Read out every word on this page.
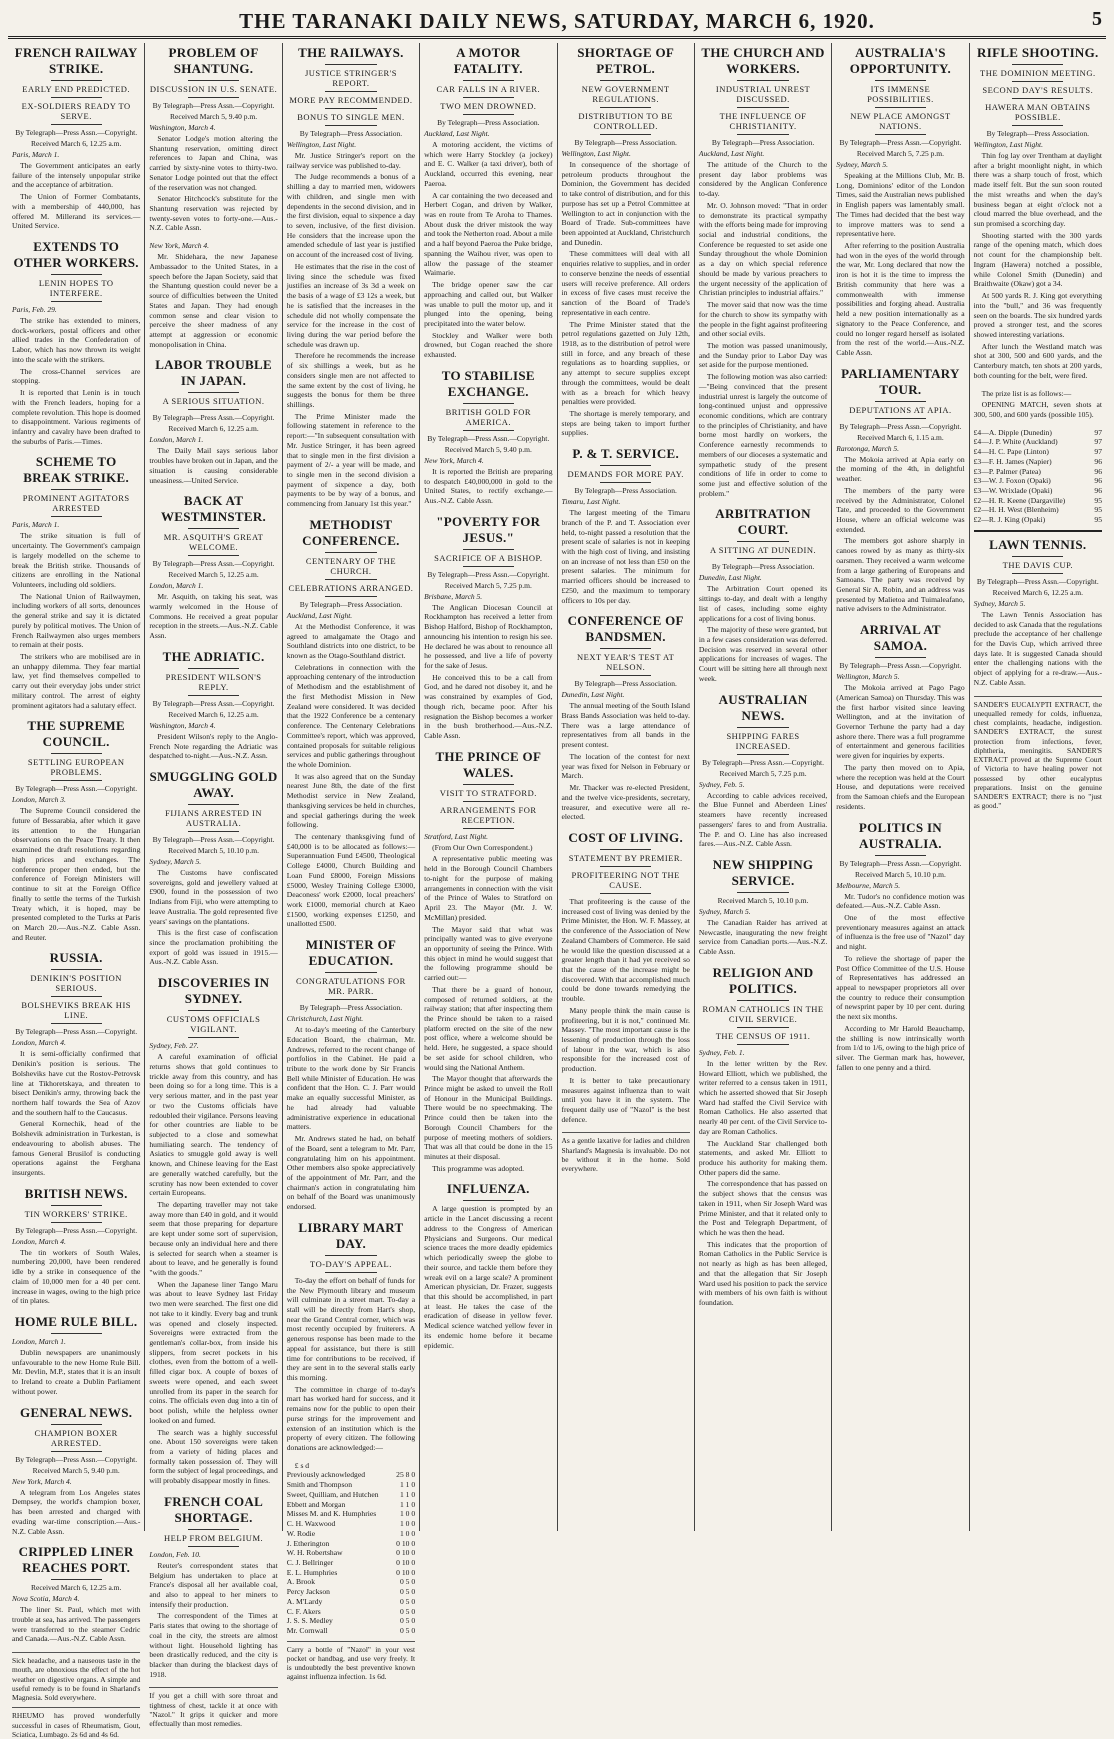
THE TARANAKI DAILY NEWS, SATURDAY, MARCH 6, 1920.	5
FRENCH RAILWAY STRIKE.
EARLY END PREDICTED.
EX-SOLDIERS READY TO SERVE.
By Telegraph—Press Assn.—Copyright.
Received March 6, 12.25 a.m.
Paris, March 1.

The Government anticipates an early failure of the intensely unpopular strike and the acceptance of arbitration.

The Union of Former Combatants, with a membership of 440,000, has offered M. Millerand its services.—United Service.

EXTENDS TO OTHER WORKERS.
LENIN HOPES TO INTERFERE.
Paris, Feb. 29.

The strike has extended to miners, dock-workers, postal officers and other allied trades in the Confederation of Labor, which has now thrown its weight into the scale with the strikers.

The cross-Channel services are stopping.

It is reported that Lenin is in touch with the French leaders, hoping for a complete revolution. This hope is doomed to disappointment. Various regiments of infantry and cavalry have been drafted to the suburbs of Paris.—Times.

SCHEME TO BREAK STRIKE.
PROMINENT AGITATORS ARRESTED
Paris, March 1.

The strike situation is full of uncertainty. The Government's campaign is largely modelled on the scheme to break the British strike. Thousands of citizens are enrolling in the National Volunteers, including old soldiers.

The National Union of Railwaymen, including workers of all sorts, denounces the general strike and say it is dictated purely by political motives. The Union of French Railwaymen also urges members to remain at their posts.

The strikers who are mobilised are in an unhappy dilemma. They fear martial law, yet find themselves compelled to carry out their everyday jobs under strict military control. The arrest of eighty prominent agitators had a salutary effect.

THE SUPREME COUNCIL.
SETTLING EUROPEAN PROBLEMS.
By Telegraph—Press Assn.—Copyright.
London, March 3.

The Supreme Council considered the future of Bessarabia, after which it gave its attention to the Hungarian observations on the Peace Treaty. It then examined the draft resolutions regarding high prices and exchanges. The conference proper then ended, but the conference of Foreign Ministers will continue to sit at the Foreign Office finally to settle the terms of the Turkish Treaty which, it is hoped, may be presented completed to the Turks at Paris on March 20.—Aus.-N.Z. Cable Assn. and Reuter.

RUSSIA.
DENIKIN'S POSITION SERIOUS.
BOLSHEVIKS BREAK HIS LINE.
By Telegraph—Press Assn.—Copyright.
London, March 4.

It is semi-officially confirmed that Denikin's position is serious. The Bolsheviks have cut the Rostov-Petrovsk line at Tikhoretskaya, and threaten to bisect Denikin's army, throwing back the northern half towards the Sea of Azov and the southern half to the Caucasus.

General Kornechik, head of the Bolshevik administration in Turkestan, is endeavouring to abolish abuses. The famous General Brusilof is conducting operations against the Ferghana insurgents.

BRITISH NEWS.
TIN WORKERS' STRIKE.
By Telegraph—Press Assn.—Copyright.
London, March 4.

The tin workers of South Wales, numbering 20,000, have been rendered idle by a strike in consequence of the claim of 10,000 men for a 40 per cent. increase in wages, owing to the high price of tin plates.

HOME RULE BILL.
London, March 1.

Dublin newspapers are unanimously unfavourable to the new Home Rule Bill. Mr. Devlin, M.P., states that it is an insult to Ireland to create a Dublin Parliament without power.

GENERAL NEWS.
CHAMPION BOXER ARRESTED.
By Telegraph—Press Assn.—Copyright.
Received March 5, 9.40 p.m.
New York, March 4.

A telegram from Los Angeles states Dempsey, the world's champion boxer, has been arrested and charged with evading war-time conscription.—Aus.-N.Z. Cable Assn.

CRIPPLED LINER REACHES PORT.
Received March 6, 12.25 a.m.
Nova Scotia, March 4.

The liner St. Paul, which met with trouble at sea, has arrived. The passengers were transferred to the steamer Cedric and Canada.—Aus.-N.Z. Cable Assn.

Sick headache, and a nauseous taste in the mouth, are obnoxious the effect of the hot weather on digestive organs. A simple and useful remedy is to be found in Sharland's Magnesia. Sold everywhere.
RHEUMO has proved wonderfully successful in cases of Rheumatism, Gout, Sciatica, Lumbago. 2s 6d and 4s 6d.
PROBLEM OF SHANTUNG.
DISCUSSION IN U.S. SENATE.
By Telegraph—Press Assn.—Copyright.
Received March 5, 9.40 p.m.
Washington, March 4.

Senator Lodge's motion altering the Shantung reservation, omitting direct references to Japan and China, was carried by sixty-nine votes to thirty-two. Senator Lodge pointed out that the effect of the reservation was not changed.

Senator Hitchcock's substitute for the Shantung reservation was rejected by twenty-seven votes to forty-one.—Aus.-N.Z. Cable Assn.

New York, March 4.

Mr. Shidehara, the new Japanese Ambassador to the United States, in a speech before the Japan Society, said that the Shantung question could never be a source of difficulties between the United States and Japan. They had enough common sense and clear vision to perceive the sheer madness of any attempt at aggression or economic monopolisation in China.

LABOR TROUBLE IN JAPAN.
A SERIOUS SITUATION.
By Telegraph—Press Assn.—Copyright.
Received March 6, 12.25 a.m.
London, March 1.

The Daily Mail says serious labor troubles have broken out in Japan, and the situation is causing considerable uneasiness.—United Service.

BACK AT WESTMINSTER.
MR. ASQUITH'S GREAT WELCOME.
By Telegraph—Press Assn.—Copyright.
Received March 5, 12.25 a.m.
London, March 1.

Mr. Asquith, on taking his seat, was warmly welcomed in the House of Commons. He received a great popular reception in the streets.—Aus.-N.Z. Cable Assn.

THE ADRIATIC.
PRESIDENT WILSON'S REPLY.
By Telegraph—Press Assn.—Copyright.
Received March 6, 12.25 a.m.
Washington, March 4.

President Wilson's reply to the Anglo-French Note regarding the Adriatic was despatched to-night.—Aus.-N.Z. Assn.

SMUGGLING GOLD AWAY.
FIJIANS ARRESTED IN AUSTRALIA.
By Telegraph—Press Assn.—Copyright.
Received March 5, 10.10 p.m.
Sydney, March 5.

The Customs have confiscated sovereigns, gold and jewellery valued at £900, found in the possession of two Indians from Fiji, who were attempting to leave Australia. The gold represented five years' savings on the plantations.

This is the first case of confiscation since the proclamation prohibiting the export of gold was issued in 1915.—Aus.-N.Z. Cable Assn.

DISCOVERIES IN SYDNEY.
CUSTOMS OFFICIALS VIGILANT.
Sydney, Feb. 27.

A careful examination of official returns shows that gold continues to trickle away from this country, and has been doing so for a long time. This is a very serious matter, and in the past year or two the Customs officials have redoubled their vigilance. Persons leaving for other countries are liable to be subjected to a close and somewhat humiliating search. The tendency of Asiatics to smuggle gold away is well known, and Chinese leaving for the East are generally watched carefully, but the scrutiny has now been extended to cover certain Europeans.

The departing traveller may not take away more than £40 in gold, and it would seem that those preparing for departure are kept under some sort of supervision, because only an individual here and there is selected for search when a steamer is about to leave, and he generally is found "with the goods."

When the Japanese liner Tango Maru was about to leave Sydney last Friday two men were searched. The first one did not take to it kindly. Every bag and trunk was opened and closely inspected. Sovereigns were extracted from the gentleman's collar-box, from inside his slippers, from secret pockets in his clothes, even from the bottom of a well-filled cigar box. A couple of boxes of sweets were opened, and each sweet unrolled from its paper in the search for coins. The officials even dug into a tin of boot polish, while the helpless owner looked on and fumed.

The search was a highly successful one. About 150 sovereigns were taken from a variety of hiding places and formally taken possession of. They will form the subject of legal proceedings, and will probably disappear mostly in fines.

FRENCH COAL SHORTAGE.
HELP FROM BELGIUM.
London, Feb. 10.

Reuter's correspondent states that Belgium has undertaken to place at France's disposal all her available coal, and also to appeal to her miners to intensify their production.

The correspondent of the Times at Paris states that owing to the shortage of coal in the city, the streets are almost without light. Household lighting has been drastically reduced, and the city is blacker than during the blackest days of 1918.

If you get a chill with sore throat and tightness of chest, tackle it at once with "Nazol." It grips it quicker and more effectually than most remedies.
THE RAILWAYS.
JUSTICE STRINGER'S REPORT.
MORE PAY RECOMMENDED.
BONUS TO SINGLE MEN.
By Telegraph—Press Association.
Wellington, Last Night.

Mr. Justice Stringer's report on the railway service was published to-day.

The Judge recommends a bonus of a shilling a day to married men, widowers with children, and single men with dependents in the second division, and in the first division, equal to sixpence a day to seven, inclusive, of the first division. He considers that the increase upon the amended schedule of last year is justified on account of the increased cost of living.

He estimates that the rise in the cost of living since the schedule was fixed justifies an increase of 3s 3d a week on the basis of a wage of £3 12s a week, but he is satisfied that the increases in the schedule did not wholly compensate the service for the increase in the cost of living during the war period before the schedule was drawn up.

Therefore he recommends the increase of six shillings a week, but as he considers single men are not affected to the same extent by the cost of living, he suggests the bonus for them be three shillings.

The Prime Minister made the following statement in reference to the report:—"In subsequent consultation with Mr. Justice Stringer, it has been agreed that to single men in the first division a payment of 2/- a year will be made, and to single men in the second division a payment of sixpence a day, both payments to be by way of a bonus, and commencing from January 1st this year."

METHODIST CONFERENCE.
CENTENARY OF THE CHURCH.
CELEBRATIONS ARRANGED.
By Telegraph—Press Association.
Auckland, Last Night.

At the Methodist Conference, it was agreed to amalgamate the Otago and Southland districts into one district, to be known as the Otago-Southland district.

Celebrations in connection with the approaching centenary of the introduction of Methodism and the establishment of the first Methodist Mission in New Zealand were considered. It was decided that the 1922 Conference be a centenary conference. The Centenary Celebrations Committee's report, which was approved, contained proposals for suitable religious services and public gatherings throughout the whole Dominion.

It was also agreed that on the Sunday nearest June 8th, the date of the first Methodist service in New Zealand, thanksgiving services be held in churches, and special gatherings during the week following.

The centenary thanksgiving fund of £40,000 is to be allocated as follows:—Superannuation Fund £4500, Theological College £4000, Church Building and Loan Fund £8000, Foreign Missions £5000, Wesley Training College £3000, Deaconess' work £2000, local preachers' work £1000, memorial church at Kaeo £1500, working expenses £1250, and unallotted £500.

MINISTER OF EDUCATION.
CONGRATULATIONS FOR MR. PARR.
By Telegraph—Press Association.
Christchurch, Last Night.

At to-day's meeting of the Canterbury Education Board, the chairman, Mr. Andrews, referred to the recent change of portfolios in the Cabinet. He paid a tribute to the work done by Sir Francis Bell while Minister of Education. He was confident that the Hon. C. J. Parr would make an equally successful Minister, as he had already had valuable administrative experience in educational matters.

Mr. Andrews stated he had, on behalf of the Board, sent a telegram to Mr. Parr, congratulating him on his appointment. Other members also spoke appreciatively of the appointment of Mr. Parr, and the chairman's action in congratulating him on behalf of the Board was unanimously endorsed.

LIBRARY MART DAY.
TO-DAY'S APPEAL.

To-day the effort on behalf of funds for the New Plymouth library and museum will culminate in a street mart. To-day a stall will be directly from Hart's shop, near the Grand Central corner, which was most recently occupied by fruiterers. A generous response has been made to the appeal for assistance, but there is still time for contributions to be received, if they are sent in to the several stalls early this morning.

The committee in charge of to-day's mart has worked hard for success, and it remains now for the public to open their purse strings for the improvement and extension of an institution which is the property of every citizen. The following donations are acknowledged:—

£ s d

Previously acknowledged	25 8 0

Smith and Thompson	1 1 0

Sweet, Quilliam, and Hutchen	1 1 0

Ebbett and Morgan	1 1 0

Misses M. and K. Humphries	1 0 0

C. H. Waxwood	1 0 0

W. Rodie	1 0 0

J. Etherington	0 10 0

W. H. Robertshaw	0 10 0

C. J. Bellringer	0 10 0

E. L. Humphries	0 10 0

A. Brook	0 5 0

Percy Jackson	0 5 0

A. M'Lardy	0 5 0

C. F. Akers	0 5 0

J. S. S. Medley	0 5 0

Mr. Cornwall	0 5 0

Carry a bottle of "Nazol" in your vest pocket or handbag, and use very freely. It is undoubtedly the best preventive known against influenza infection. 1s 6d.
A MOTOR FATALITY.
CAR FALLS IN A RIVER.
TWO MEN DROWNED.
By Telegraph—Press Association.
Auckland, Last Night.

A motoring accident, the victims of which were Harry Stockley (a jockey) and E. C. Walker (a taxi driver), both of Auckland, occurred this evening, near Paeroa.

A car containing the two deceased and Herbert Cogan, and driven by Walker, was en route from Te Aroha to Thames. About dusk the driver mistook the way and took the Netherton road. About a mile and a half beyond Paeroa the Puke bridge, spanning the Waihou river, was open to allow the passage of the steamer Waimarie.

The bridge opener saw the car approaching and called out, but Walker was unable to pull the motor up, and it plunged into the opening, being precipitated into the water below.

Stockley and Walker were both drowned, but Cogan reached the shore exhausted.

TO STABILISE EXCHANGE.
BRITISH GOLD FOR AMERICA.
By Telegraph—Press Assn.—Copyright.
Received March 5, 9.40 p.m.
New York, March 4.

It is reported the British are preparing to despatch £40,000,000 in gold to the United States, to rectify exchange.—Aus.-N.Z. Cable Assn.

"POVERTY FOR JESUS."
SACRIFICE OF A BISHOP.
By Telegraph—Press Assn.—Copyright.
Received March 5, 7.25 p.m.
Brisbane, March 5.

The Anglican Diocesan Council at Rockhampton has received a letter from Bishop Halford, Bishop of Rockhampton, announcing his intention to resign his see. He declared he was about to renounce all he possessed, and live a life of poverty for the sake of Jesus.

He conceived this to be a call from God, and he dared not disobey it, and he was constrained by examples of God, though rich, became poor. After his resignation the Bishop becomes a worker in the bush brotherhood.—Aus.-N.Z. Cable Assn.

THE PRINCE OF WALES.
VISIT TO STRATFORD.
ARRANGEMENTS FOR RECEPTION.
Stratford, Last Night.

(From Our Own Correspondent.)

A representative public meeting was held in the Borough Council Chambers to-night for the purpose of making arrangements in connection with the visit of the Prince of Wales to Stratford on April 23. The Mayor (Mr. J. W. McMillan) presided.

The Mayor said that what was principally wanted was to give everyone an opportunity of seeing the Prince. With this object in mind he would suggest that the following programme should be carried out:—

That there be a guard of honour, composed of returned soldiers, at the railway station; that after inspecting them the Prince should be taken to a raised platform erected on the site of the new post office, where a welcome should be held. Here, he suggested, a space should be set aside for school children, who would sing the National Anthem.

The Mayor thought that afterwards the Prince might be asked to unveil the Roll of Honour in the Municipal Buildings. There would be no speechmaking. The Prince could then be taken into the Borough Council Chambers for the purpose of meeting mothers of soldiers. That was all that could be done in the 15 minutes at their disposal.

This programme was adopted.

INFLUENZA.

A large question is prompted by an article in the Lancet discussing a recent address to the Congress of American Physicians and Surgeons. Our medical science traces the more deadly epidemics which periodically sweep the globe to their source, and tackle them before they wreak evil on a large scale? A prominent American physician, Dr. Frazer, suggests that this should be accomplished, in part at least. He takes the case of the eradication of disease in yellow fever. Medical science watched yellow fever in its endemic home before it became epidemic.

SHORTAGE OF PETROL.
NEW GOVERNMENT REGULATIONS.
DISTRIBUTION TO BE CONTROLLED.
By Telegraph—Press Association.
Wellington, Last Night.

In consequence of the shortage of petroleum products throughout the Dominion, the Government has decided to take control of distribution, and for this purpose has set up a Petrol Committee at Wellington to act in conjunction with the Board of Trade. Sub-committees have been appointed at Auckland, Christchurch and Dunedin.

These committees will deal with all enquiries relative to supplies, and in order to conserve benzine the needs of essential users will receive preference. All orders in excess of five cases must receive the sanction of the Board of Trade's representative in each centre.

The Prime Minister stated that the petrol regulations gazetted on July 12th, 1918, as to the distribution of petrol were still in force, and any breach of these regulations as to hoarding supplies, or any attempt to secure supplies except through the committees, would be dealt with as a breach for which heavy penalties were provided.

The shortage is merely temporary, and steps are being taken to import further supplies.

P. & T. SERVICE.
DEMANDS FOR MORE PAY.
By Telegraph—Press Association.
Timaru, Last Night.

The largest meeting of the Timaru branch of the P. and T. Association ever held, to-night passed a resolution that the present scale of salaries is not in keeping with the high cost of living, and insisting on an increase of not less than £50 on the present salaries. The minimum for married officers should be increased to £250, and the maximum to temporary officers to 10s per day.

CONFERENCE OF BANDSMEN.
NEXT YEAR'S TEST AT NELSON.
By Telegraph—Press Association.
Dunedin, Last Night.

The annual meeting of the South Island Brass Bands Association was held to-day. There was a large attendance of representatives from all bands in the present contest.

The location of the contest for next year was fixed for Nelson in February or March.

Mr. Thacker was re-elected President, and the twelve vice-presidents, secretary, treasurer, and executive were all re-elected.

COST OF LIVING.
STATEMENT BY PREMIER.
PROFITEERING NOT THE CAUSE.

That profiteering is the cause of the increased cost of living was denied by the Prime Minister, the Hon. W. F. Massey, at the conference of the Association of New Zealand Chambers of Commerce. He said he would like the question discussed at a greater length than it had yet received so that the cause of the increase might be discovered. With that accomplished much could be done towards remedying the trouble.

Many people think the main cause is profiteering, but it is not," continued Mr. Massey. "The most important cause is the lessening of production through the loss of labour in the war, which is also responsible for the increased cost of production.

It is better to take precautionary measures against influenza than to wait until you have it in the system. The frequent daily use of "Nazol" is the best defence.

As a gentle laxative for ladies and children Sharland's Magnesia is invaluable. Do not be without it in the home. Sold everywhere.
THE CHURCH AND WORKERS.
INDUSTRIAL UNREST DISCUSSED.
THE INFLUENCE OF CHRISTIANITY.
By Telegraph—Press Association.
Auckland, Last Night.

The attitude of the Church to the present day labor problems was considered by the Anglican Conference to-day.

Mr. O. Johnson moved: "That in order to demonstrate its practical sympathy with the efforts being made for improving social and industrial conditions, the Conference be requested to set aside one Sunday throughout the whole Dominion as a day on which special reference should be made by various preachers to the urgent necessity of the application of Christian principles to industrial affairs."

The mover said that now was the time for the church to show its sympathy with the people in the fight against profiteering and other social evils.

The motion was passed unanimously, and the Sunday prior to Labor Day was set aside for the purpose mentioned.

The following motion was also carried:—"Being convinced that the present industrial unrest is largely the outcome of long-continued unjust and oppressive economic conditions, which are contrary to the principles of Christianity, and have borne most hardly on workers, the Conference earnestly recommends to members of our dioceses a systematic and sympathetic study of the present conditions of life in order to come to some just and effective solution of the problem."

ARBITRATION COURT.
A SITTING AT DUNEDIN.
By Telegraph—Press Association.
Dunedin, Last Night.

The Arbitration Court opened its sittings to-day, and dealt with a lengthy list of cases, including some eighty applications for a cost of living bonus.

The majority of these were granted, but in a few cases consideration was deferred. Decision was reserved in several other applications for increases of wages. The Court will be sitting here all through next week.

AUSTRALIAN NEWS.
SHIPPING FARES INCREASED.
By Telegraph—Press Assn.—Copyright.
Received March 5, 7.25 p.m.
Sydney, Feb. 5.

According to cable advices received, the Blue Funnel and Aberdeen Lines' steamers have recently increased passengers' fares to and from Australia. The P. and O. Line has also increased fares.—Aus.-N.Z. Cable Assn.

NEW SHIPPING SERVICE.
Received March 5, 10.10 p.m.
Sydney, March 5.

The Canadian Raider has arrived at Newcastle, inaugurating the new freight service from Canadian ports.—Aus.-N.Z. Cable Assn.

RELIGION AND POLITICS.
ROMAN CATHOLICS IN THE CIVIL SERVICE.
THE CENSUS OF 1911.
Sydney, Feb. 1.

In the letter written by the Rev. Howard Elliott, which we published, the writer referred to a census taken in 1911, which he asserted showed that Sir Joseph Ward had staffed the Civil Service with Roman Catholics. He also asserted that nearly 40 per cent. of the Civil Service to-day are Roman Catholics.

The Auckland Star challenged both statements, and asked Mr. Elliott to produce his authority for making them. Other papers did the same.

The correspondence that has passed on the subject shows that the census was taken in 1911, when Sir Joseph Ward was Prime Minister, and that it related only to the Post and Telegraph Department, of which he was then the head.

This indicates that the proportion of Roman Catholics in the Public Service is not nearly as high as has been alleged, and that the allegation that Sir Joseph Ward used his position to pack the service with members of his own faith is without foundation.

AUSTRALIA'S OPPORTUNITY.
ITS IMMENSE POSSIBILITIES.
NEW PLACE AMONGST NATIONS.
By Telegraph—Press Assn.—Copyright.
Received March 5, 7.25 p.m.
Sydney, March 5.

Speaking at the Millions Club, Mr. B. Long, Dominions' editor of the London Times, said the Australian news published in English papers was lamentably small. The Times had decided that the best way to improve matters was to send a representative here.

After referring to the position Australia had won in the eyes of the world through the war, Mr. Long declared that now the iron is hot it is the time to impress the British community that here was a commonwealth with immense possibilities and forging ahead. Australia held a new position internationally as a signatory to the Peace Conference, and could no longer regard herself as isolated from the rest of the world.—Aus.-N.Z. Cable Assn.

PARLIAMENTARY TOUR.
DEPUTATIONS AT APIA.
By Telegraph—Press Assn.—Copyright.
Received March 6, 1.15 a.m.
Rarotonga, March 5.

The Mokoia arrived at Apia early on the morning of the 4th, in delightful weather.

The members of the party were received by the Administrator, Colonel Tate, and proceeded to the Government House, where an official welcome was extended.

The members got ashore sharply in canoes rowed by as many as thirty-six oarsmen. They received a warm welcome from a large gathering of Europeans and Samoans. The party was received by General Sir A. Robin, and an address was presented by Malietoa and Tuimaleafano, native advisers to the Administrator.

ARRIVAL AT SAMOA.
By Telegraph—Press Assn.—Copyright.
Wellington, March 5.

The Mokoia arrived at Pago Pago (American Samoa) on Thursday. This was the first harbor visited since leaving Wellington, and at the invitation of Governor Terhune the party had a day ashore there. There was a full programme of entertainment and generous facilities were given for inquiries by experts.

The party then moved on to Apia, where the reception was held at the Court House, and deputations were received from the Samoan chiefs and the European residents.

POLITICS IN AUSTRALIA.
By Telegraph—Press Assn.—Copyright.
Received March 5, 10.10 p.m.
Melbourne, March 5.

Mr. Tudor's no confidence motion was defeated.—Aus.-N.Z. Cable Assn.

One of the most effective preventionary measures against an attack of influenza is the free use of "Nazol" day and night.

To relieve the shortage of paper the Post Office Committee of the U.S. House of Representatives has addressed an appeal to newspaper proprietors all over the country to reduce their consumption of newsprint paper by 10 per cent. during the next six months.

According to Mr Harold Beauchamp, the shilling is now intrinsically worth from 1/d to 1/6, owing to the high price of silver. The German mark has, however, fallen to one penny and a third.

RIFLE SHOOTING.
THE DOMINION MEETING.
SECOND DAY'S RESULTS.
HAWERA MAN OBTAINS POSSIBLE.
By Telegraph—Press Association.
Wellington, Last Night.

Thin fog lay over Trentham at daylight after a bright moonlight night, in which there was a sharp touch of frost, which made itself felt. But the sun soon routed the mist wreaths and when the day's business began at eight o'clock not a cloud marred the blue overhead, and the sun promised a scorching day.

Shooting started with the 300 yards range of the opening match, which does not count for the championship belt. Ingram (Hawera) notched a possible, while Colonel Smith (Dunedin) and Braithwaite (Okaw) got a 34.

At 500 yards R. J. King got everything into the "bull," and 36 was frequently seen on the boards. The six hundred yards proved a stronger test, and the scores showed interesting variations.

After lunch the Westland match was shot at 300, 500 and 600 yards, and the Canterbury match, ten shots at 200 yards, both counting for the belt, were fired.

The prize list is as follows:—

OPENING MATCH, seven shots at 300, 500, and 600 yards (possible 105).

£4—A. Dipple (Dunedin)	97

£4—J. P. White (Auckland)	97

£4—H. C. Pape (Linton)	97

£3—F. H. James (Napier)	96

£3—P. Palmer (Patea)	96

£3—W. J. Foxon (Opaki)	96

£3—W. Wrixlade (Opaki)	96

£2—H. R. Keene (Dargaville)	95

£2—H. H. West (Blenheim)	95

£2—R. J. King (Opaki)	95

LAWN TENNIS.
THE DAVIS CUP.
By Telegraph—Press Assn.—Copyright.
Received March 6, 12.25 a.m.
Sydney, March 5.

The Lawn Tennis Association has decided to ask Canada that the regulations preclude the acceptance of her challenge for the Davis Cup, which arrived three days late. It is suggested Canada should enter the challenging nations with the object of applying for a re-draw.—Aus.-N.Z. Cable Assn.

SANDER'S EUCALYPTI EXTRACT, the unequalled remedy for colds, influenza, chest complaints, headache, indigestion. SANDER'S EXTRACT, the surest protection from infections, fever, diphtheria, meningitis. SANDER'S EXTRACT proved at the Supreme Court of Victoria to have healing power not possessed by other eucalyptus preparations. Insist on the genuine SANDER'S EXTRACT; there is no "just as good."
